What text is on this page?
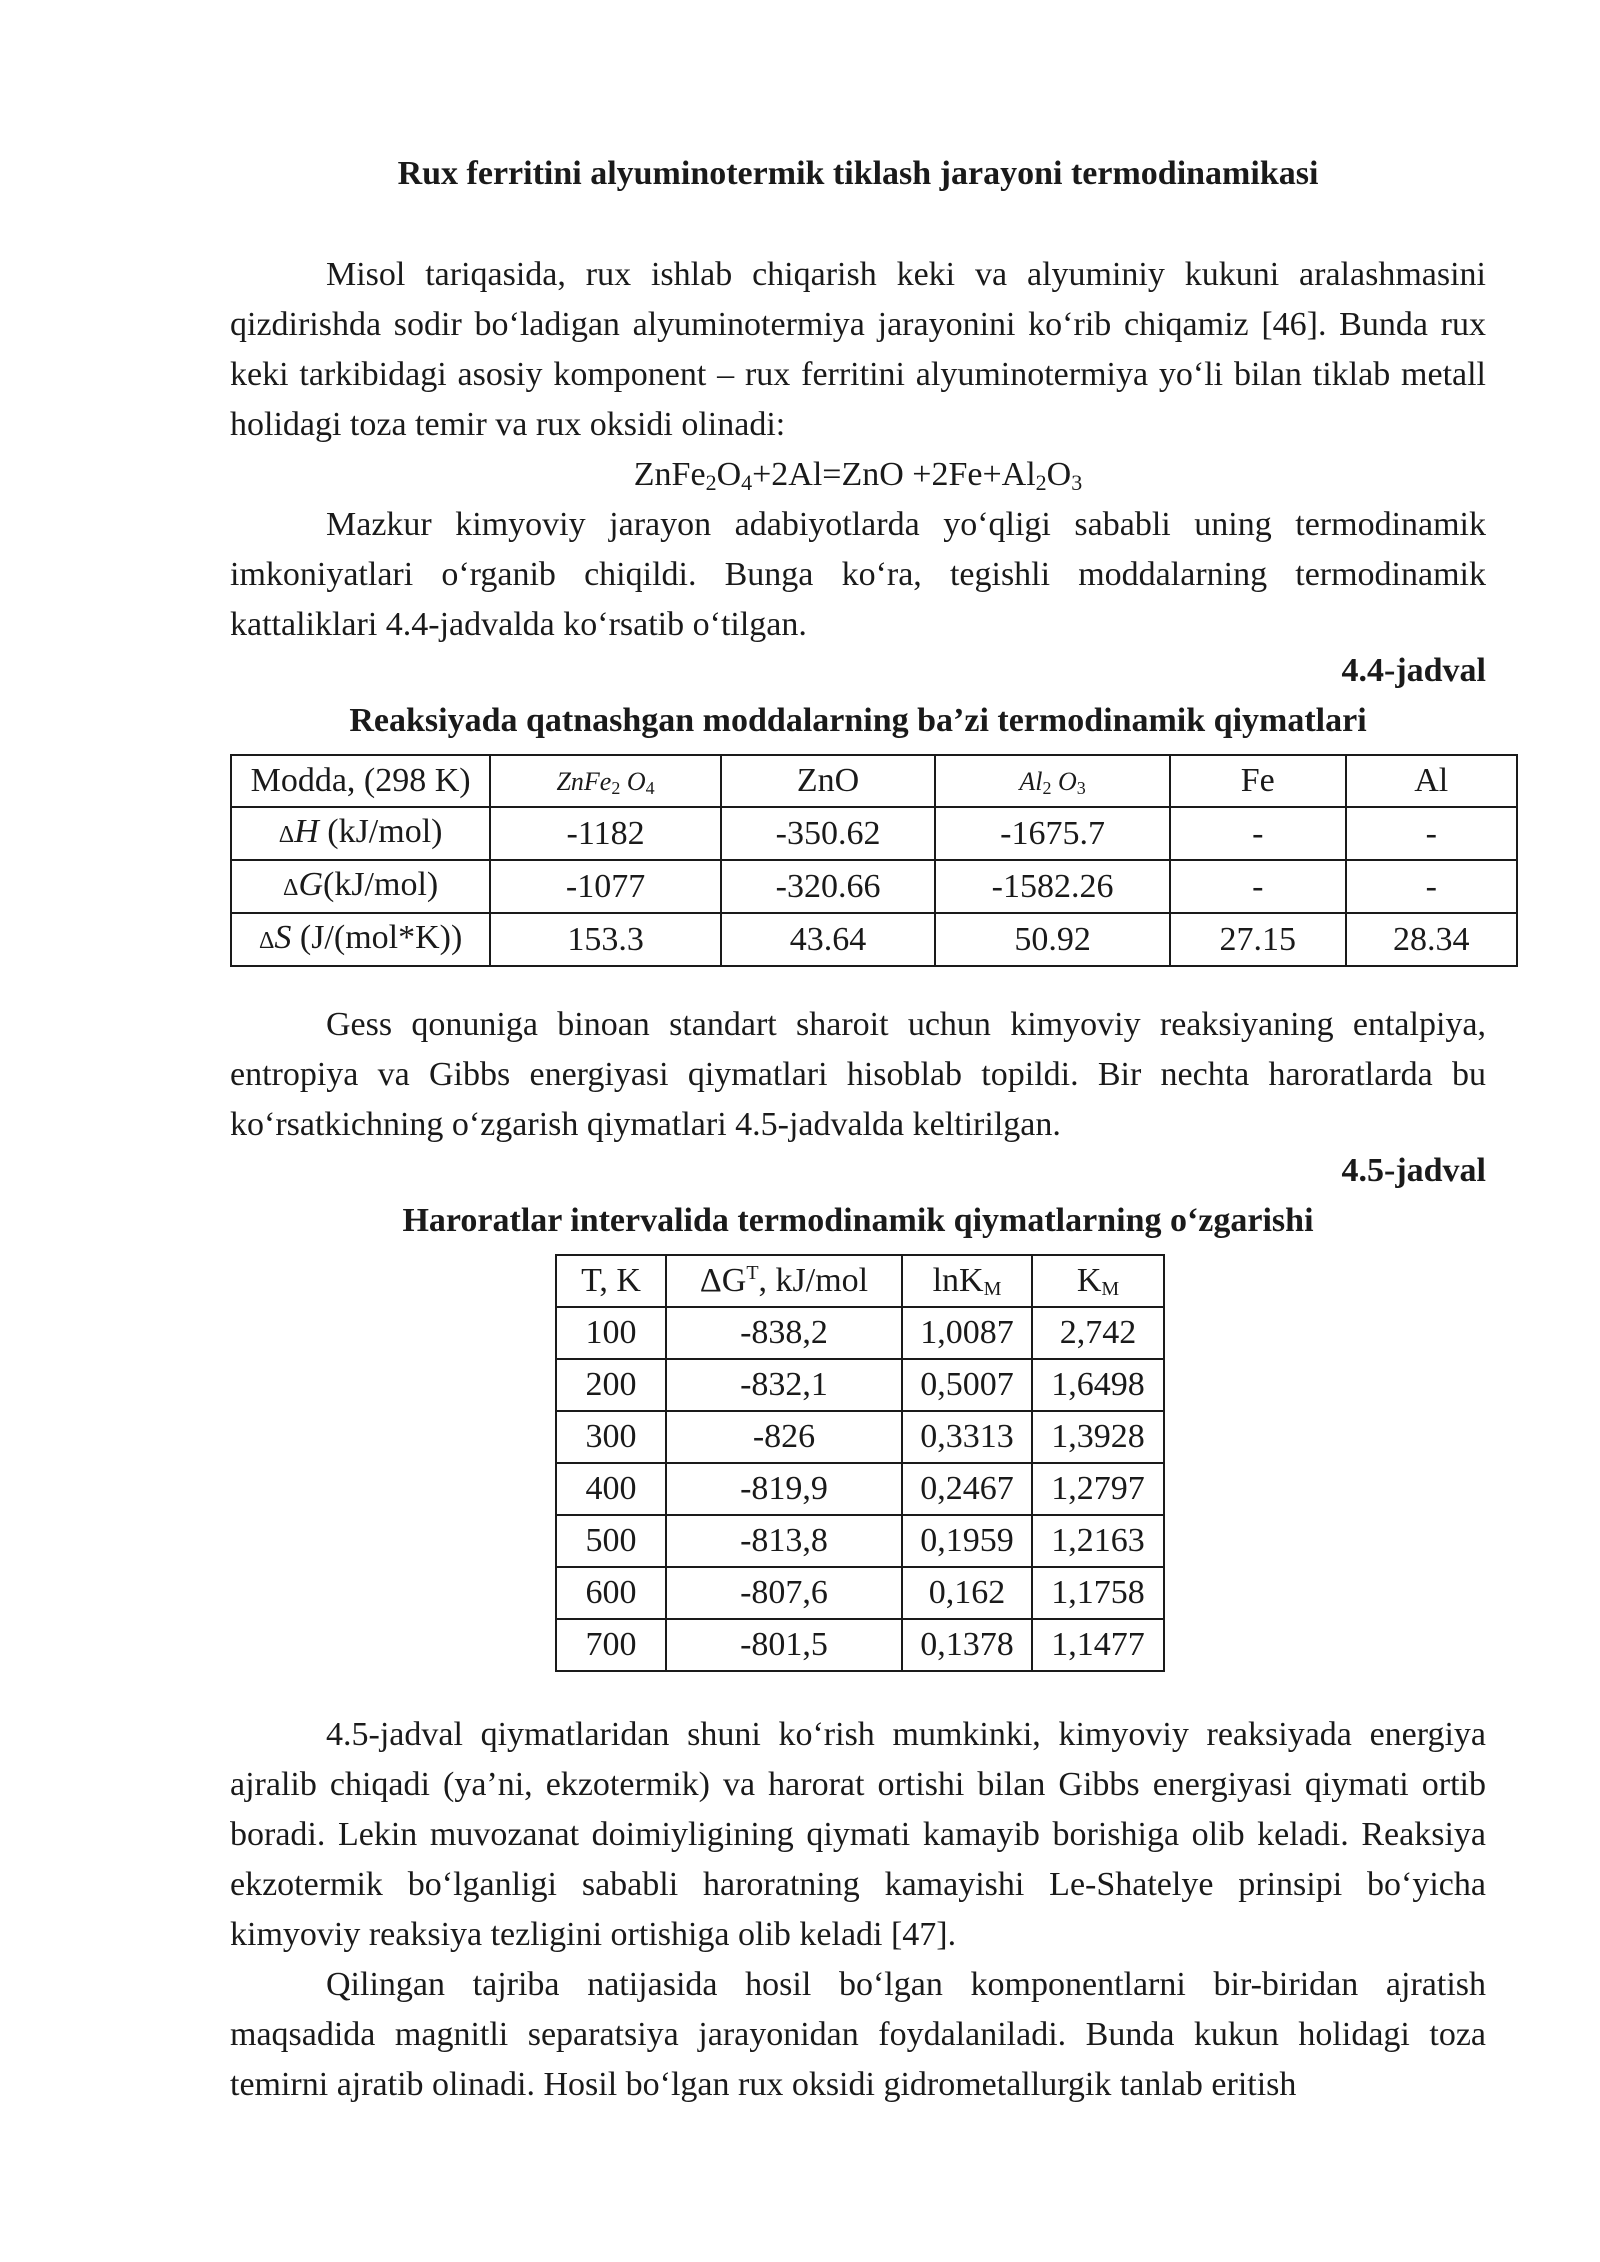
Rux ferritini alyuminotermik tiklash jarayoni termodinamikasi

Misol tariqasida, rux ishlab chiqarish keki va alyuminiy kukuni aralashmasini qizdirishda sodir bo‘ladigan alyuminotermiya jarayonini ko‘rib chiqamiz [46]. Bunda rux keki tarkibidagi asosiy komponent – rux ferritini alyuminotermiya yo‘li bilan tiklab metall holidagi toza temir va rux oksidi olinadi:

$ZnFe_2O_4+2Al=ZnO +2Fe+Al_2O_3$

Mazkur kimyoviy jarayon adabiyotlarda yo‘qligi sababli uning termodinamik imkoniyatlari o‘rganib chiqildi. Bunga ko‘ra, tegishli moddalarning termodinamik kattaliklari 4.4-jadvalda ko‘rsatib o‘tilgan.

4.4-jadval
Reaksiyada qatnashgan moddalarning ba’zi termodinamik qiymatlari
Modda, (298 K)	ZnFe$_2$ $O_4$	ZnO	$Al_2$ $O_3$	Fe	Al
ΔH (kJ/mol)	-1182	-350.62	-1675.7	-	-
ΔG(kJ/mol)	-1077	-320.66	-1582.26	-	-
ΔS (J/(mol*K))	153.3	43.64	50.92	27.15	28.34

Gess qonuniga binoan standart sharoit uchun kimyoviy reaksiyaning entalpiya, entropiya va Gibbs energiyasi qiymatlari hisoblab topildi. Bir nechta haroratlarda bu ko‘rsatkichning o‘zgarish qiymatlari 4.5-jadvalda keltirilgan.

4.5-jadval
Haroratlar intervalida termodinamik qiymatlarning o‘zgarishi
T, K	$\Delta G^T$, kJ/mol	lnK$_M$	$K_M$
100	-838,2	1,0087	2,742
200	-832,1	0,5007	1,6498
300	-826	0,3313	1,3928
400	-819,9	0,2467	1,2797
500	-813,8	0,1959	1,2163
600	-807,6	0,162	1,1758
700	-801,5	0,1378	1,1477

4.5-jadval qiymatlaridan shuni ko‘rish mumkinki, kimyoviy reaksiyada energiya ajralib chiqadi (ya’ni, ekzotermik) va harorat ortishi bilan Gibbs energiyasi qiymati ortib boradi. Lekin muvozanat doimiyligining qiymati kamayib borishiga olib keladi. Reaksiya ekzotermik bo‘lganligi sababli haroratning kamayishi Le-Shatelye prinsipi bo‘yicha kimyoviy reaksiya tezligini ortishiga olib keladi [47].

Qilingan tajriba natijasida hosil bo‘lgan komponentlarni bir-biridan ajratish maqsadida magnitli separatsiya jarayonidan foydalaniladi. Bunda kukun holidagi toza temirni ajratib olinadi. Hosil bo‘lgan rux oksidi gidrometallurgik tanlab eritish
